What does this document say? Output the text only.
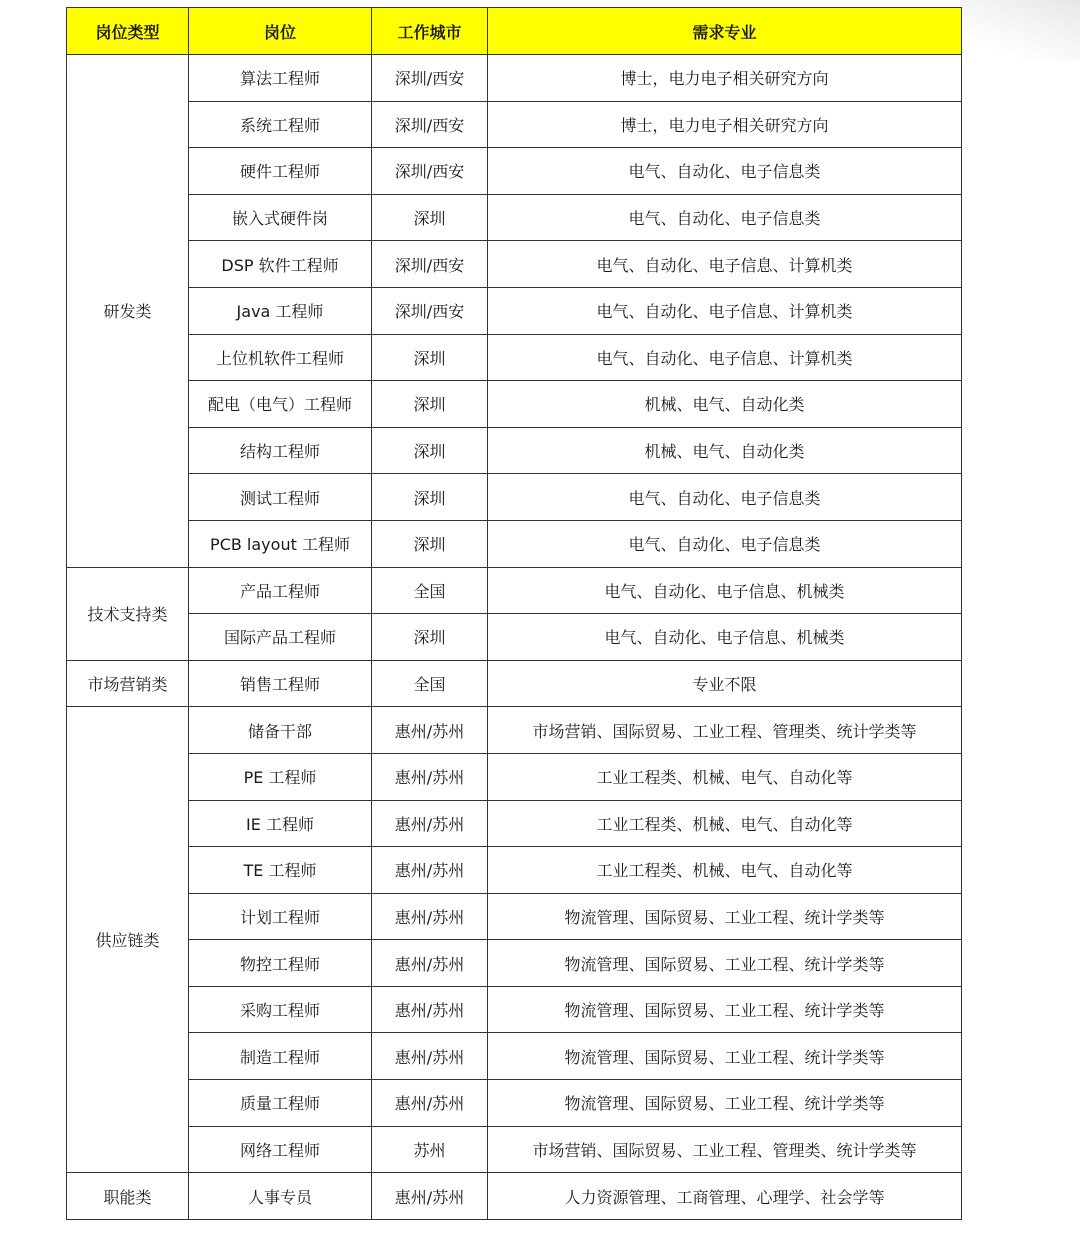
岗位类型	岗位	工作城市	需求专业
研发类	算法工程师	深圳/西安	博士，电力电子相关研究方向
	系统工程师	深圳/西安	博士，电力电子相关研究方向
	硬件工程师	深圳/西安	电气、自动化、电子信息类
	嵌入式硬件岗	深圳	电气、自动化、电子信息类
	DSP 软件工程师	深圳/西安	电气、自动化、电子信息、计算机类
	Java 工程师	深圳/西安	电气、自动化、电子信息、计算机类
	上位机软件工程师	深圳	电气、自动化、电子信息、计算机类
	配电（电气）工程师	深圳	机械、电气、自动化类
	结构工程师	深圳	机械、电气、自动化类
	测试工程师	深圳	电气、自动化、电子信息类
	PCB layout 工程师	深圳	电气、自动化、电子信息类
技术支持类	产品工程师	全国	电气、自动化、电子信息、机械类
	国际产品工程师	深圳	电气、自动化、电子信息、机械类
市场营销类	销售工程师	全国	专业不限
供应链类	储备干部	惠州/苏州	市场营销、国际贸易、工业工程、管理类、统计学类等
	PE 工程师	惠州/苏州	工业工程类、机械、电气、自动化等
	IE 工程师	惠州/苏州	工业工程类、机械、电气、自动化等
	TE 工程师	惠州/苏州	工业工程类、机械、电气、自动化等
	计划工程师	惠州/苏州	物流管理、国际贸易、工业工程、统计学类等
	物控工程师	惠州/苏州	物流管理、国际贸易、工业工程、统计学类等
	采购工程师	惠州/苏州	物流管理、国际贸易、工业工程、统计学类等
	制造工程师	惠州/苏州	物流管理、国际贸易、工业工程、统计学类等
	质量工程师	惠州/苏州	物流管理、国际贸易、工业工程、统计学类等
	网络工程师	苏州	市场营销、国际贸易、工业工程、管理类、统计学类等
职能类	人事专员	惠州/苏州	人力资源管理、工商管理、心理学、社会学等
